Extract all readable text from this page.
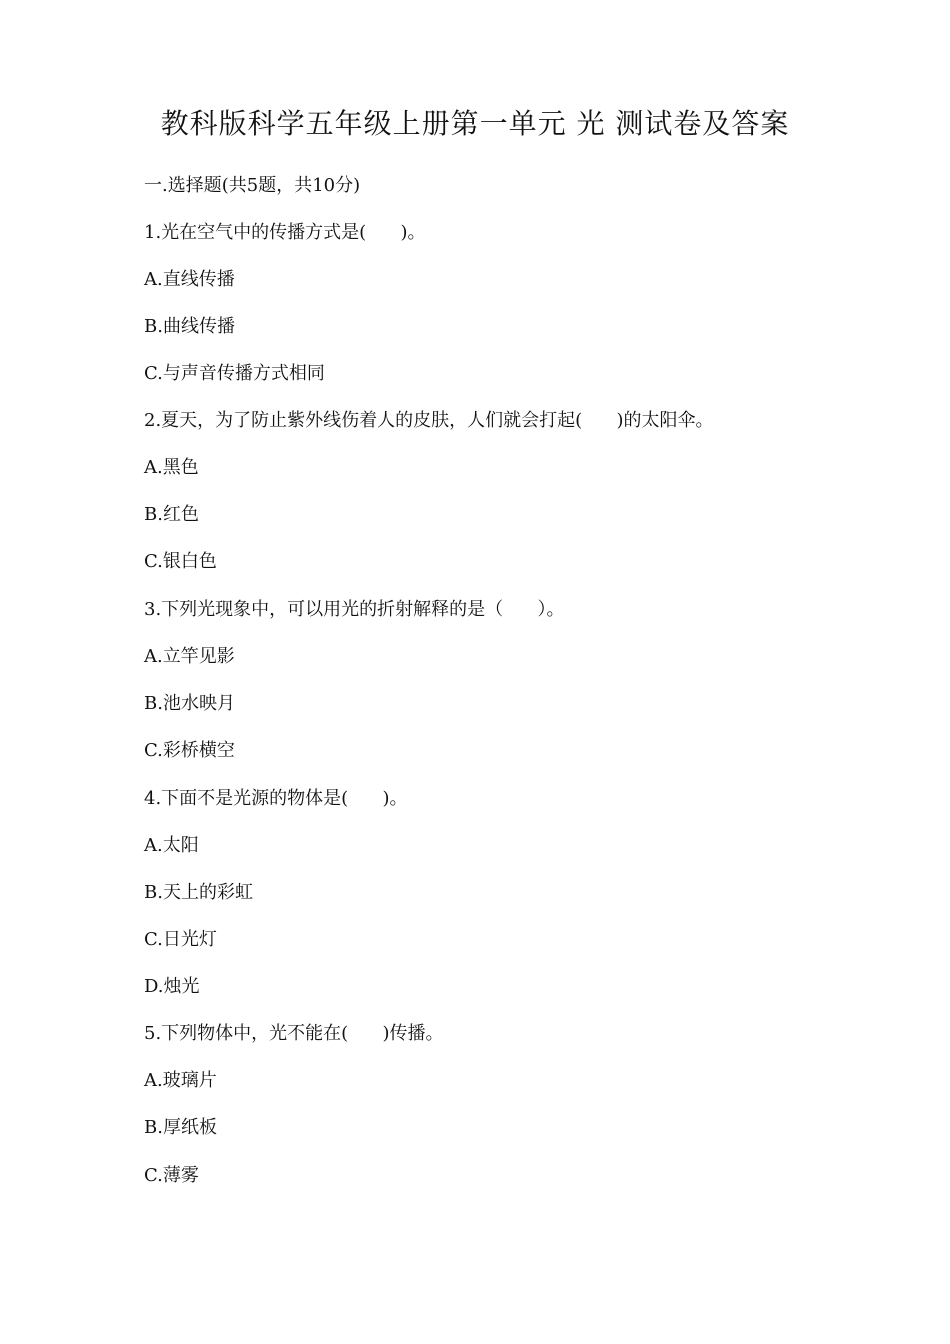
教科版科学五年级上册第一单元 光 测试卷及答案
一.选择题(共5题，共10分)
1.光在空气中的传播方式是(      )。
A.直线传播
B.曲线传播
C.与声音传播方式相同
2.夏天，为了防止紫外线伤着人的皮肤，人们就会打起(      )的太阳伞。
A.黑色
B.红色
C.银白色
3.下列光现象中，可以用光的折射解释的是（      ）。
A.立竿见影
B.池水映月
C.彩桥横空
4.下面不是光源的物体是(      )。
A.太阳
B.天上的彩虹
C.日光灯
D.烛光
5.下列物体中，光不能在(      )传播。
A.玻璃片
B.厚纸板
C.薄雾
